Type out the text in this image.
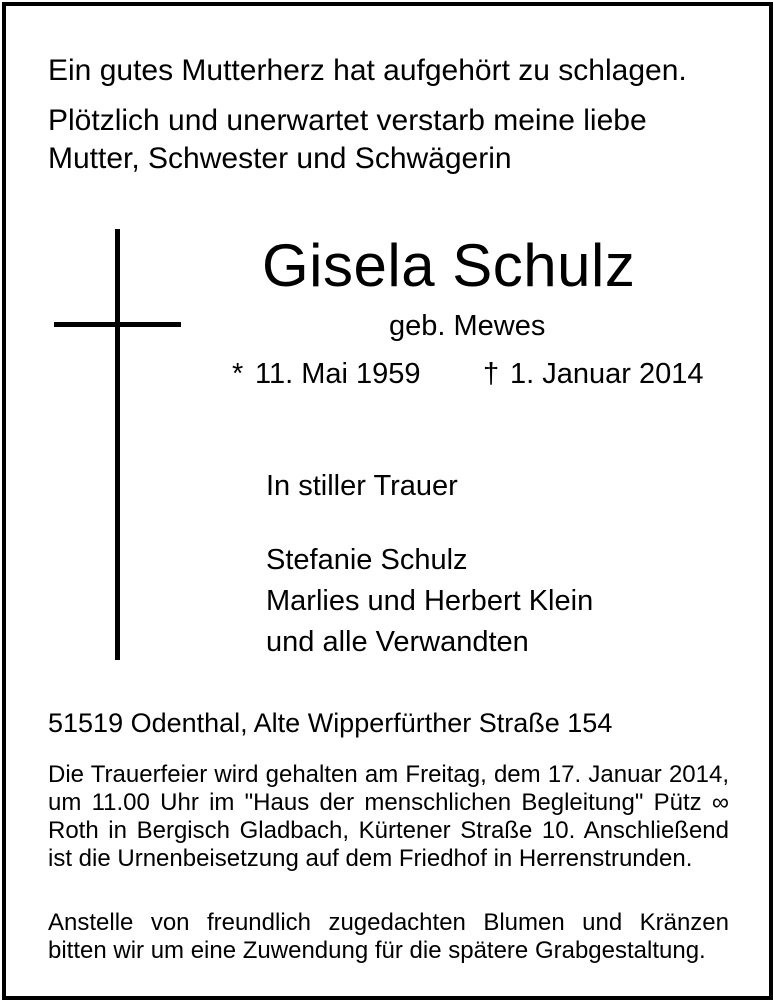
Ein gutes Mutterherz hat aufgehört zu schlagen.
Plötzlich und unerwartet verstarb meine liebe
Mutter, Schwester und Schwägerin
Gisela Schulz
geb. Mewes
* 11. Mai 1959 † 1. Januar 2014
In stiller Trauer
Stefanie Schulz
Marlies und Herbert Klein
und alle Verwandten
51519 Odenthal, Alte Wipperfürther Straße 154
Die Trauerfeier wird gehalten am Freitag, dem 17. Januar 2014, um 11.00 Uhr im "Haus der menschlichen Begleitung" Pütz ∞ Roth in Bergisch Gladbach, Kürtener Straße 10. Anschließend ist die Urnenbeisetzung auf dem Friedhof in Herrenstrunden.
Anstelle von freundlich zugedachten Blumen und Kränzen bitten wir um eine Zuwendung für die spätere Grabgestaltung.
